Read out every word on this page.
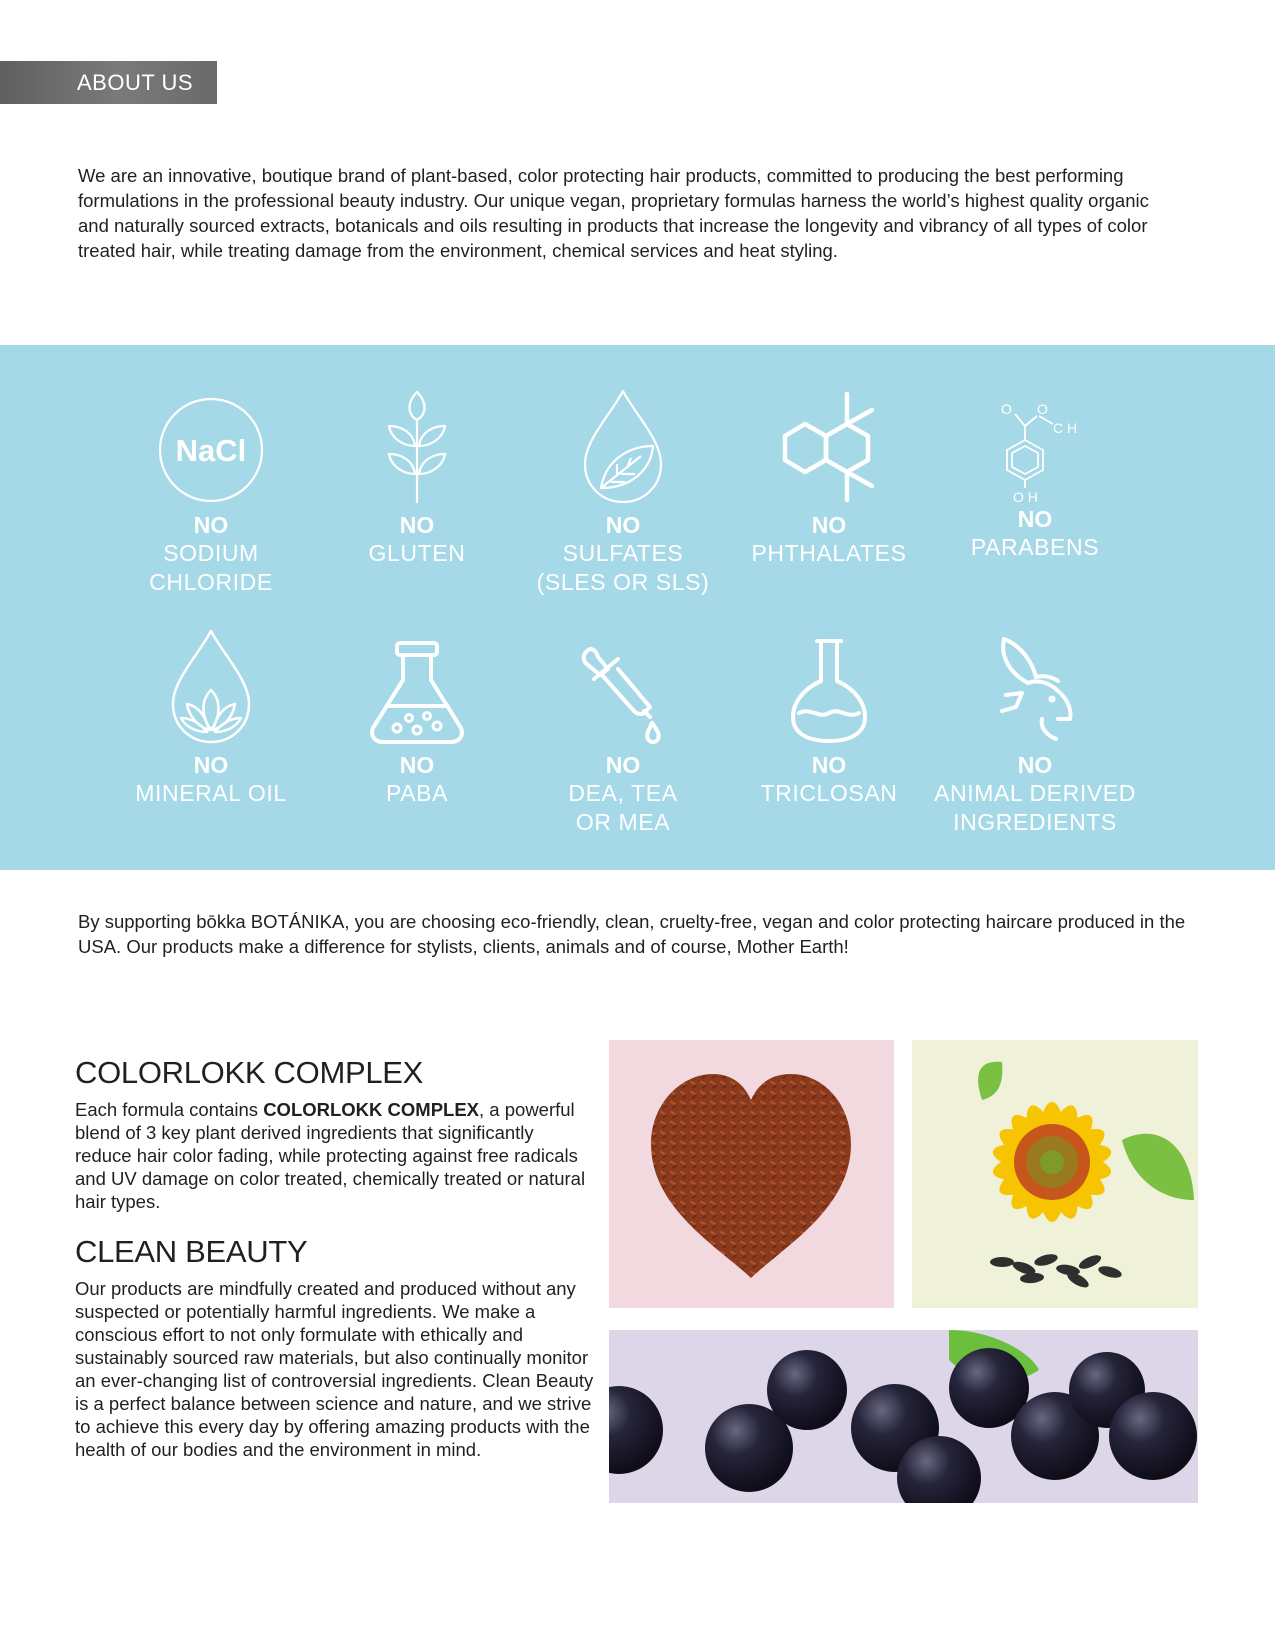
ABOUT US

We are an innovative, boutique brand of plant-based, color protecting hair products, committed to producing the best performing formulations in the professional beauty industry. Our unique vegan, proprietary formulas harness the world’s highest quality organic and naturally sourced extracts, botanicals and oils resulting in products that increase the longevity and vibrancy of all types of color treated hair, while treating damage from the environment, chemical services and heat styling.

NaCl
NO
SODIUM
CHLORIDE
NO
GLUTEN
NO
SULFATES
(SLES OR SLS)
NO
PHTHALATES
O O
C H
O H
NO
PARABENS
NO
MINERAL OIL
NO
PABA
NO
DEA, TEA
OR MEA
NO
TRICLOSAN
NO
ANIMAL DERIVED
INGREDIENTS

By supporting bōkka BOTÁNIKA, you are choosing eco-friendly, clean, cruelty-free, vegan and color protecting haircare produced in the USA. Our products make a difference for stylists, clients, animals and of course, Mother Earth!

COLORLOKK COMPLEX

Each formula contains COLORLOKK COMPLEX, a powerful blend of 3 key plant derived ingredients that significantly reduce hair color fading, while protecting against free radicals and UV damage on color treated, chemically treated or natural hair types.

CLEAN BEAUTY

Our products are mindfully created and produced without any suspected or potentially harmful ingredients. We make a conscious effort to not only formulate with ethically and sustainably sourced raw materials, but also continually monitor an ever-changing list of controversial ingredients. Clean Beauty is a perfect balance between science and nature, and we strive to achieve this every day by offering amazing products with the health of our bodies and the environment in mind.
